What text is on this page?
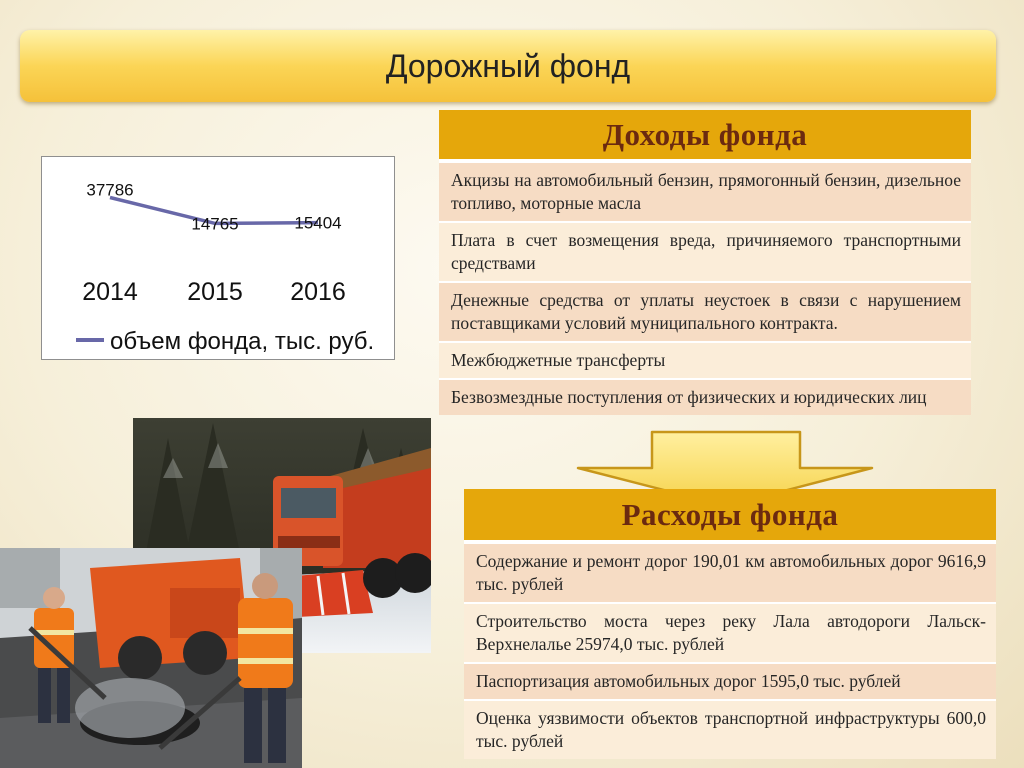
Дорожный фонд
37786
14765	15404
2014 2015 2016
объем фонда, тыс. руб.
Доходы фонда
Акцизы на автомобильный бензин, прямогонный бензин, дизельное топливо, моторные масла
Плата в счет возмещения вреда, причиняемого транспортными средствами
Денежные средства от уплаты неустоек в связи с нарушением поставщиками условий муниципального контракта.
Межбюджетные трансферты
Безвозмездные поступления от физических и юридических лиц
Расходы фонда
Содержание и ремонт дорог 190,01 км автомобильных дорог 9616,9 тыс. рублей
Строительство моста через реку Лала автодороги Лальск-Верхнелалье 25974,0 тыс. рублей
Паспортизация автомобильных дорог 1595,0 тыс. рублей
Оценка уязвимости объектов транспортной инфраструктуры 600,0 тыс. рублей
